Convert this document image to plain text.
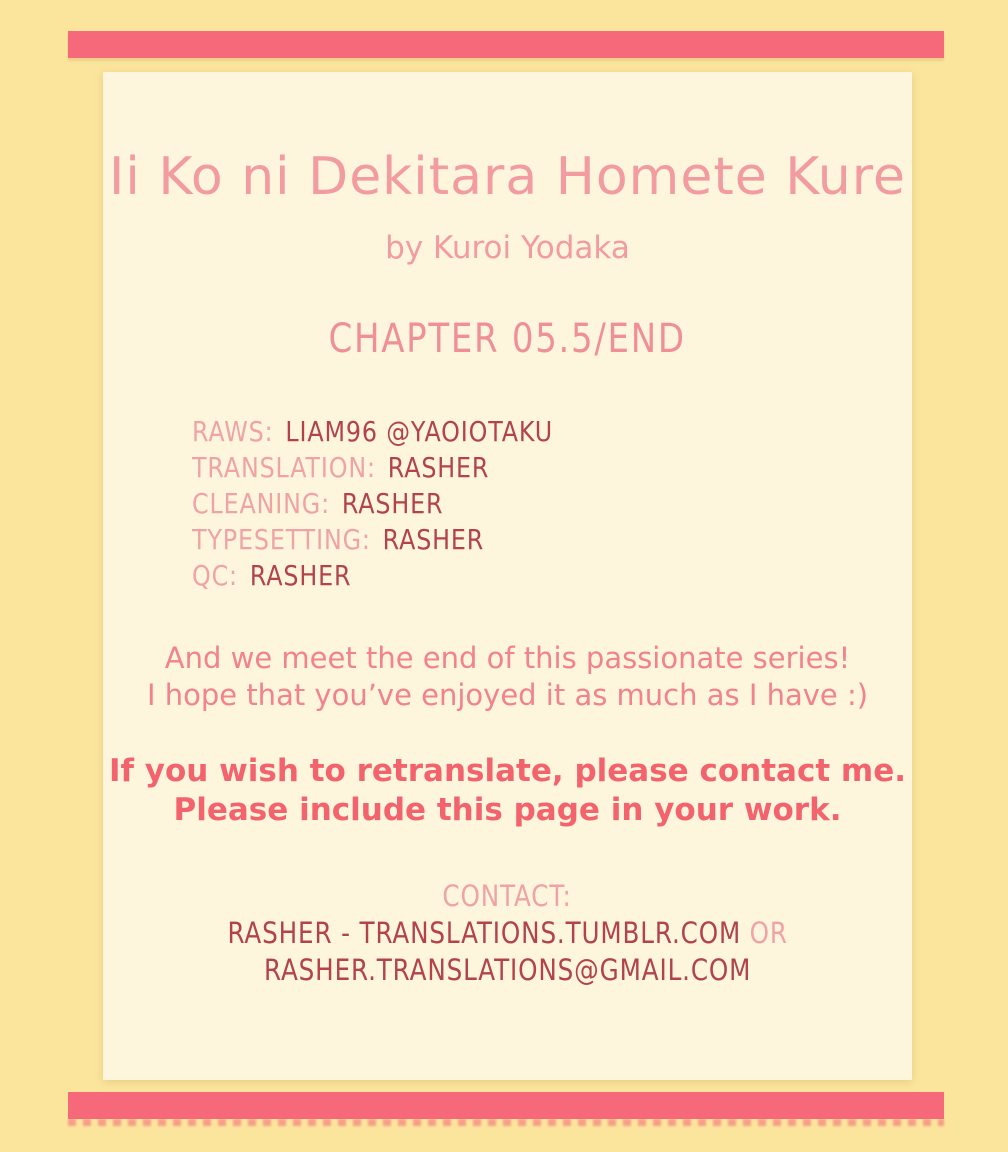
Ii Ko ni Dekitara Homete Kure
by Kuroi Yodaka
CHAPTER 05.5/END
RAWS: LIAM96 @YAOIOTAKU
TRANSLATION: RASHER
CLEANING: RASHER
TYPESETTING: RASHER
QC: RASHER
And we meet the end of this passionate series!
I hope that you’ve enjoyed it as much as I have :)
If you wish to retranslate, please contact me.
Please include this page in your work.
CONTACT:
RASHER - TRANSLATIONS.TUMBLR.COM OR
RASHER.TRANSLATIONS@GMAIL.COM
